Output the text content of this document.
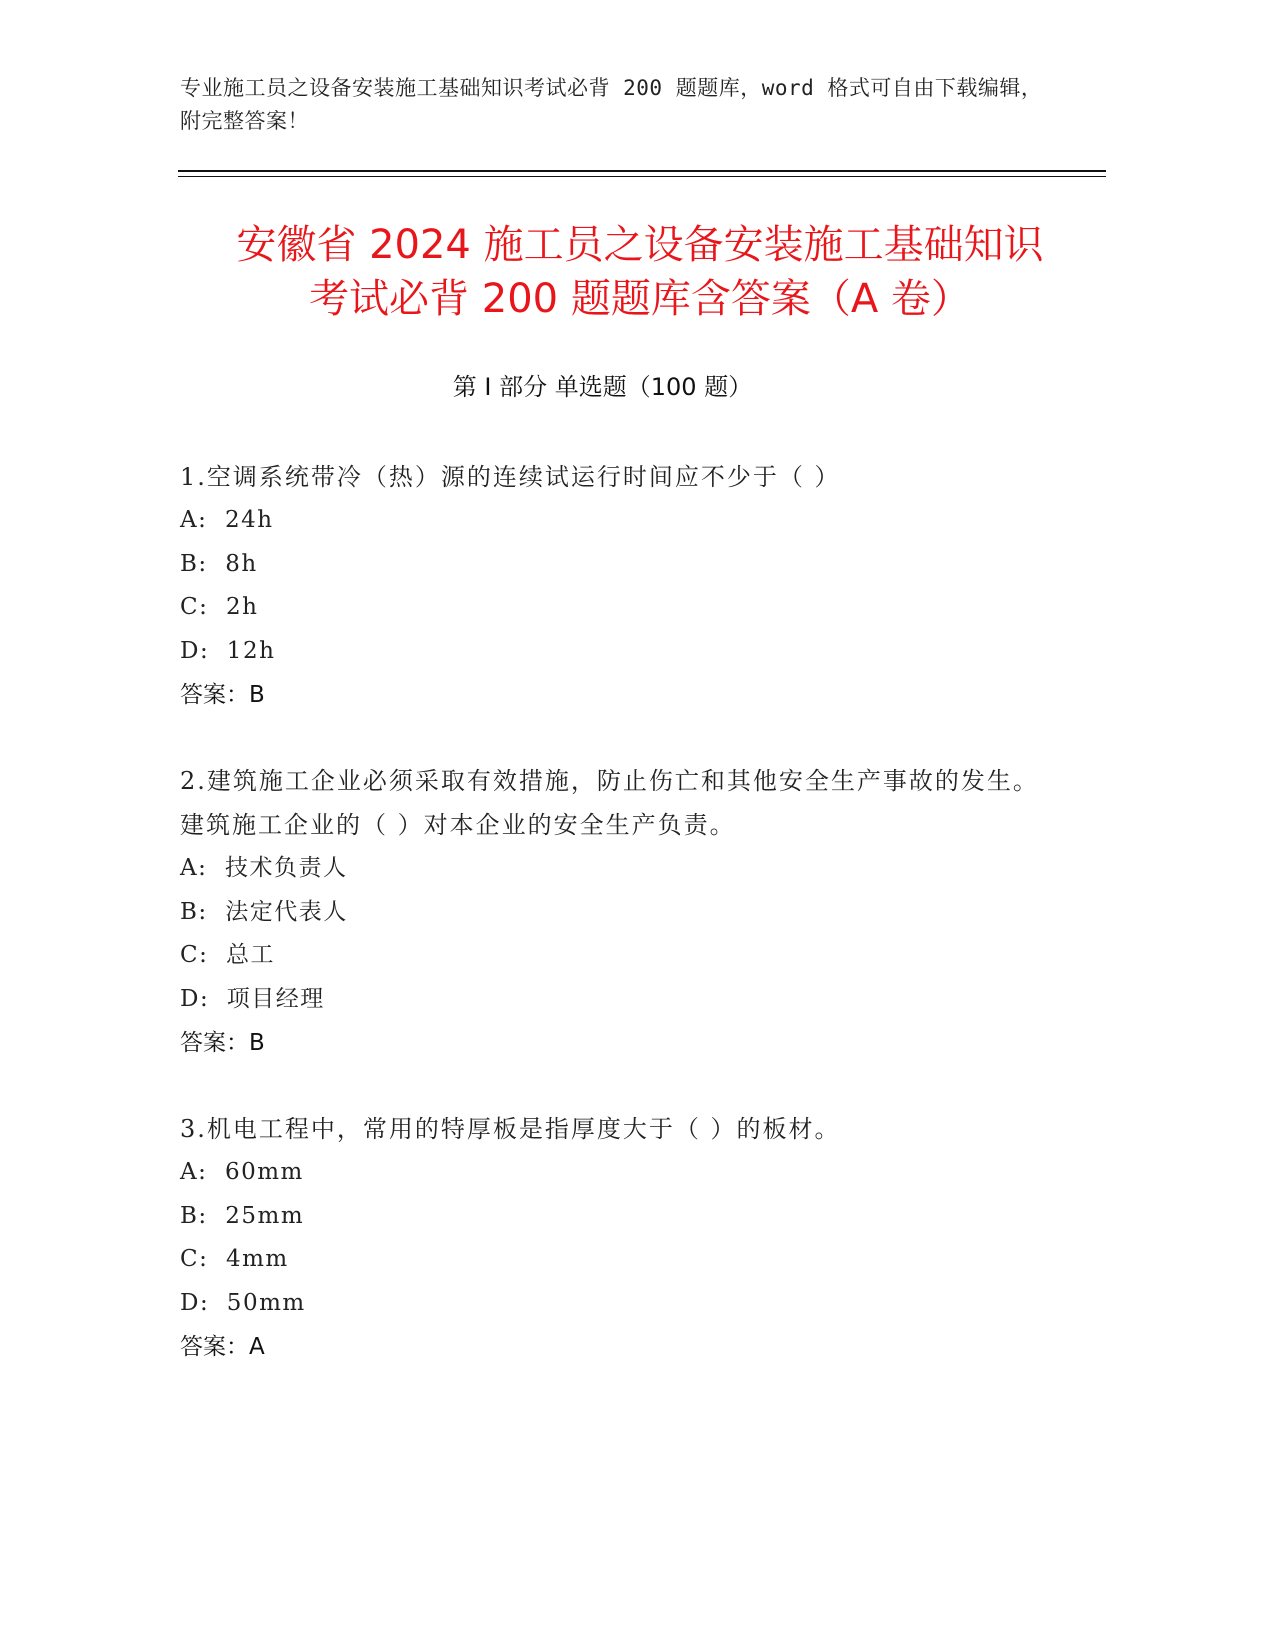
专业施工员之设备安装施工基础知识考试必背 200 题题库，word 格式可自由下载编辑，附完整答案！
安徽省 2024 施工员之设备安装施工基础知识
考试必背 200 题题库含答案（A 卷）
第 I 部分 单选题（100 题）

1.空调系统带冷（热）源的连续试运行时间应不少于（ ）

A:  24h
B:  8h
C:  2h
D:  12h
答案：B

2.建筑施工企业必须采取有效措施，防止伤亡和其他安全生产事故的发生。建筑施工企业的（ ）对本企业的安全生产负责。

A:  技术负责人
B:  法定代表人
C:  总工
D:  项目经理
答案：B

3.机电工程中，常用的特厚板是指厚度大于（ ）的板材。

A:  60mm
B:  25mm
C:  4mm
D:  50mm
答案：A
